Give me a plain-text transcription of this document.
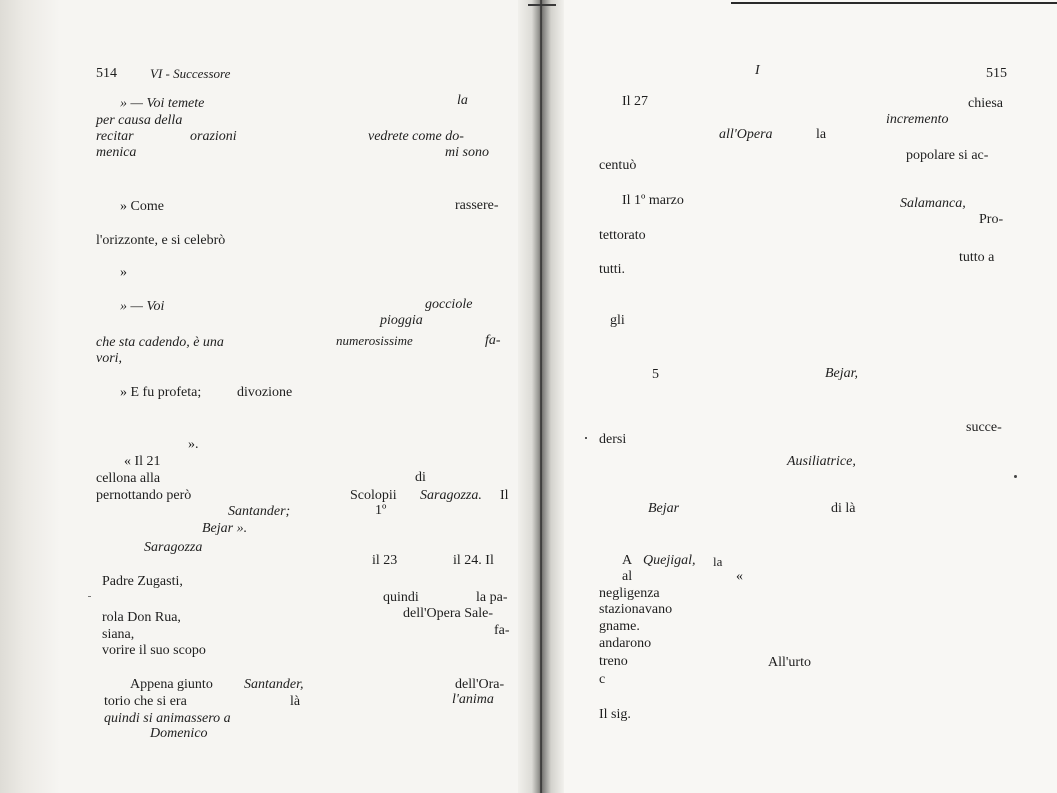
514	VI - Successore
» — Voi temete	la
per causa della
recitar	orazioni	vedrete come do-
menica	mi sono
» Come	rassere-
l'orizzonte, e si celebrò
»
» — Voi	gocciole
pioggia
che sta cadendo, è una	numerosissime	fa-
vori,
» E fu profeta;	divozione
».
« Il 21
cellona alla	di
pernottando però	Scolopii Saragozza. Il
Santander;	1º
Bejar ».
Saragozza
il 23	il 24. Il
Padre Zugasti,
quindi	la pa-
rola Don Rua,	dell'Opera Sale-
siana,	fa-
vorire il suo scopo
Appena giunto Santander,	dell'Ora-
torio che si era	là	l'anima
quindi si animassero a
Domenico
I	515
Il 27	chiesa
incremento
all'Opera	la
popolare si ac-
centuò
Il 1º marzo	Salamanca,
Pro-
tettorato
tutto a
tutti.
gli
5	Bejar,
succe-
dersi
Ausiliatrice,
Bejar	di là
A Quejigal, la
al	«
negligenza
stazionavano
gname.
andarono
treno	All'urto
c
Il sig.
